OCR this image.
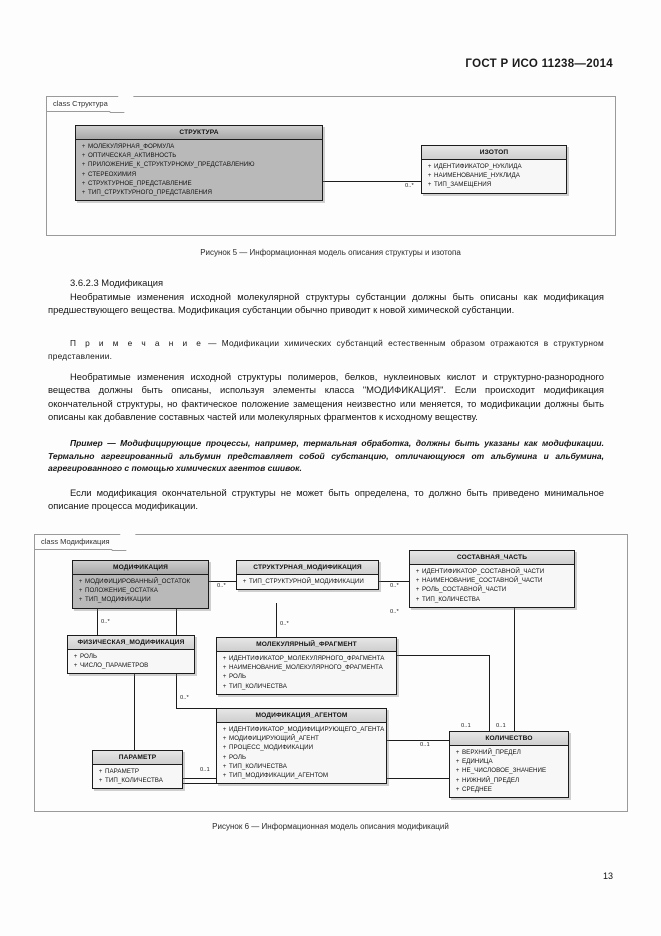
ГОСТ Р ИСО 11238—2014
class Структура
0..*
СТРУКТУРА
+ МОЛЕКУЛЯРНАЯ_ФОРМУЛА
+ ОПТИЧЕСКАЯ_АКТИВНОСТЬ
+ ПРИЛОЖЕНИЕ_К_СТРУКТУРНОМУ_ПРЕДСТАВЛЕНИЮ
+ СТЕРЕОХИМИЯ
+ СТРУКТУРНОЕ_ПРЕДСТАВЛЕНИЕ
+ ТИП_СТРУКТУРНОГО_ПРЕДСТАВЛЕНИЯ
ИЗОТОП
+ ИДЕНТИФИКАТОР_НУКЛИДА
+ НАИМЕНОВАНИЕ_НУКЛИДА
+ ТИП_ЗАМЕЩЕНИЯ
Рисунок 5 — Информационная модель описания структуры и изотопа

3.6.2.3 Модификация

Необратимые изменения исходной молекулярной структуры субстанции должны быть описаны как модификация предшествующего вещества. Модификация субстанции обычно приводит к новой химической субстанции.

П р и м е ч а н и е — Модификации химических субстанций естественным образом отражаются в структурном представлении.

Необратимые изменения исходной структуры полимеров, белков, нуклеиновых кислот и структурно-разнородного вещества должны быть описаны, используя элементы класса "МОДИФИКАЦИЯ". Если происходит модификация окончательной структуры, но фактическое положение замещения неизвестно или меняется, то модификации должны быть описаны как добавление составных частей или молекулярных фрагментов к исходному веществу.

Пример — Модифицирующие процессы, например, термальная обработка, должны быть указаны как модификации. Термально агрегированный альбумин представляет собой субстанцию, отличающуюся от альбумина и альбумина, агрегированного с помощью химических агентов сшивок.

Если модификация окончательной структуры не может быть определена, то должно быть приведено минимальное описание процесса модификации.

class Модификация
0..*	0..*
0..*
0..*
0..*
0..*
0..1	0..1
0..1
0..1
МОДИФИКАЦИЯ
+ МОДИФИЦИРОВАННЫЙ_ОСТАТОК
+ ПОЛОЖЕНИЕ_ОСТАТКА
+ ТИП_МОДИФИКАЦИИ
СТРУКТУРНАЯ_МОДИФИКАЦИЯ
+ ТИП_СТРУКТУРНОЙ_МОДИФИКАЦИИ
СОСТАВНАЯ_ЧАСТЬ
+ ИДЕНТИФИКАТОР_СОСТАВНОЙ_ЧАСТИ
+ НАИМЕНОВАНИЕ_СОСТАВНОЙ_ЧАСТИ
+ РОЛЬ_СОСТАВНОЙ_ЧАСТИ
+ ТИП_КОЛИЧЕСТВА
ФИЗИЧЕСКАЯ_МОДИФИКАЦИЯ
+ РОЛЬ
+ ЧИСЛО_ПАРАМЕТРОВ
МОЛЕКУЛЯРНЫЙ_ФРАГМЕНТ
+ ИДЕНТИФИКАТОР_МОЛЕКУЛЯРНОГО_ФРАГМЕНТА
+ НАИМЕНОВАНИЕ_МОЛЕКУЛЯРНОГО_ФРАГМЕНТА
+ РОЛЬ
+ ТИП_КОЛИЧЕСТВА
МОДИФИКАЦИЯ_АГЕНТОМ
+ ИДЕНТИФИКАТОР_МОДИФИЦИРУЮЩЕГО_АГЕНТА
+ МОДИФИЦИРУЮЩИЙ_АГЕНТ
+ ПРОЦЕСС_МОДИФИКАЦИИ
+ РОЛЬ
+ ТИП_КОЛИЧЕСТВА
+ ТИП_МОДИФИКАЦИИ_АГЕНТОМ
ПАРАМЕТР
+ ПАРАМЕТР
+ ТИП_КОЛИЧЕСТВА
КОЛИЧЕСТВО
+ ВЕРХНИЙ_ПРЕДЕЛ
+ ЕДИНИЦА
+ НЕ_ЧИСЛОВОЕ_ЗНАЧЕНИЕ
+ НИЖНИЙ_ПРЕДЕЛ
+ СРЕДНЕЕ
Рисунок 6 — Информационная модель описания модификаций
13
